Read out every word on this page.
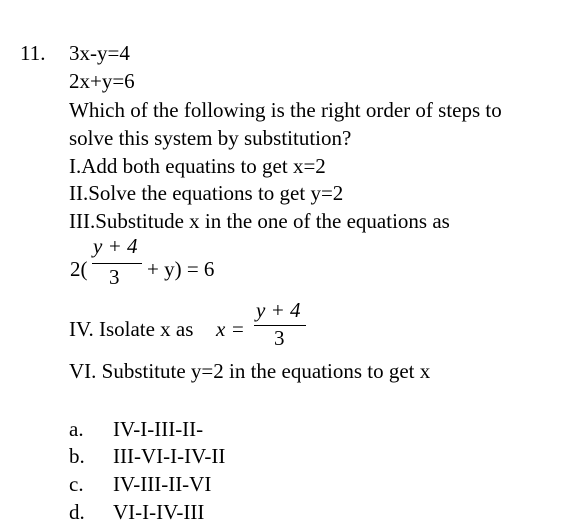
11. 3x-y=4
2x+y=6
Which of the following is the right order of steps to
solve this system by substitution?
I.Add both equatins to get x=2
II.Solve the equations to get y=2
III.Substitude x in the one of the equations as
2(
y + 4
3 + y) = 6
IV. Isolate x as x =
y + 4
3
VI. Substitute y=2 in the equations to get x
a. IV-I-III-II-
b. III-VI-I-IV-II
c. IV-III-II-VI
d. VI-I-IV-III
